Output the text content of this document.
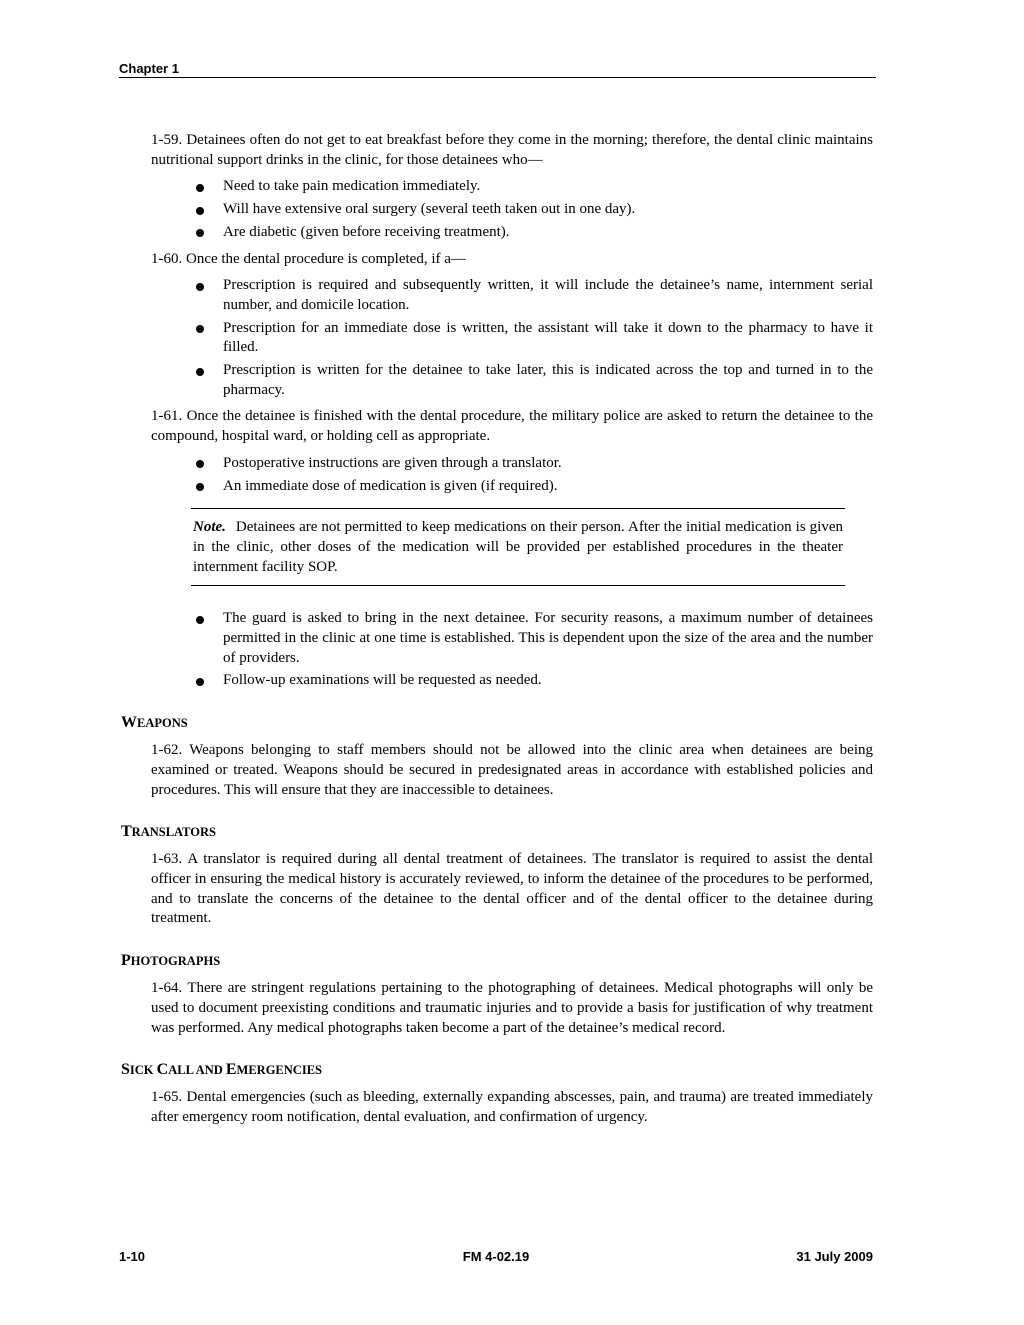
Chapter 1

1-59. Detainees often do not get to eat breakfast before they come in the morning; therefore, the dental clinic maintains nutritional support drinks in the clinic, for those detainees who—

Need to take pain medication immediately.
Will have extensive oral surgery (several teeth taken out in one day).
Are diabetic (given before receiving treatment).

1-60. Once the dental procedure is completed, if a—

Prescription is required and subsequently written, it will include the detainee’s name, internment serial number, and domicile location.
Prescription for an immediate dose is written, the assistant will take it down to the pharmacy to have it filled.
Prescription is written for the detainee to take later, this is indicated across the top and turned in to the pharmacy.

1-61. Once the detainee is finished with the dental procedure, the military police are asked to return the detainee to the compound, hospital ward, or holding cell as appropriate.

Postoperative instructions are given through a translator.
An immediate dose of medication is given (if required).
Note. Detainees are not permitted to keep medications on their person. After the initial medication is given in the clinic, other doses of the medication will be provided per established procedures in the theater internment facility SOP.
The guard is asked to bring in the next detainee. For security reasons, a maximum number of detainees permitted in the clinic at one time is established. This is dependent upon the size of the area and the number of providers.
Follow-up examinations will be requested as needed.
WEAPONS

1-62. Weapons belonging to staff members should not be allowed into the clinic area when detainees are being examined or treated. Weapons should be secured in predesignated areas in accordance with established policies and procedures. This will ensure that they are inaccessible to detainees.

TRANSLATORS

1-63. A translator is required during all dental treatment of detainees. The translator is required to assist the dental officer in ensuring the medical history is accurately reviewed, to inform the detainee of the procedures to be performed, and to translate the concerns of the detainee to the dental officer and of the dental officer to the detainee during treatment.

PHOTOGRAPHS

1-64. There are stringent regulations pertaining to the photographing of detainees. Medical photographs will only be used to document preexisting conditions and traumatic injuries and to provide a basis for justification of why treatment was performed. Any medical photographs taken become a part of the detainee’s medical record.

SICK CALL AND EMERGENCIES

1-65. Dental emergencies (such as bleeding, externally expanding abscesses, pain, and trauma) are treated immediately after emergency room notification, dental evaluation, and confirmation of urgency.

1-10	FM 4-02.19	31 July 2009
